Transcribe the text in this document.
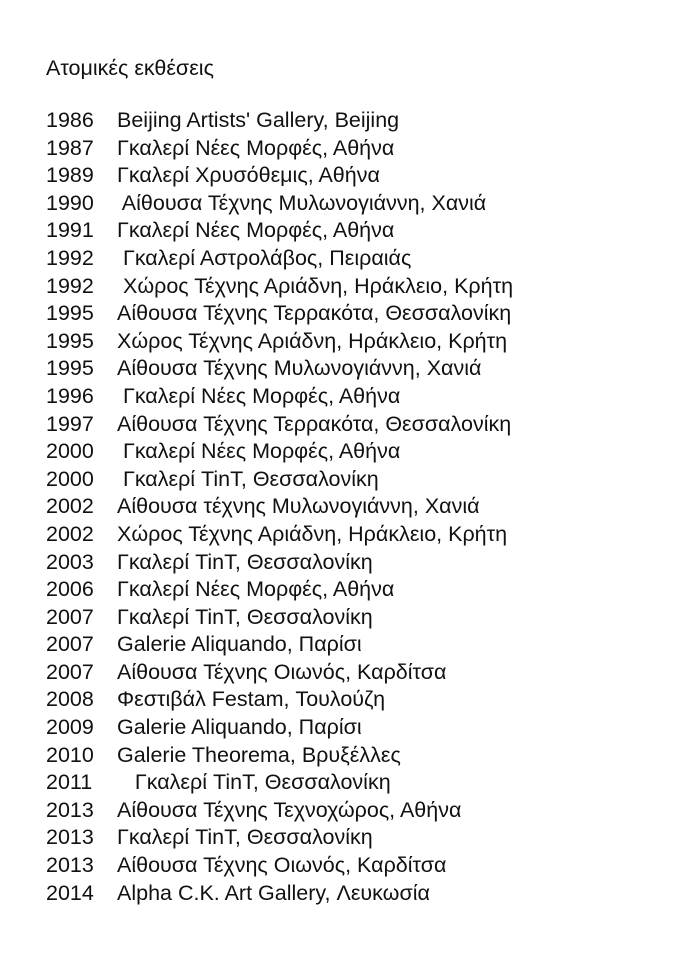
Ατομικές εκθέσεις
1986 Beijing Artists' Gallery, Beijing
1987 Γκαλερί Νέες Μορφές, Αθήνα
1989 Γκαλερί Χρυσόθεμις, Αθήνα
1990 Αίθουσα Τέχνης Μυλωνογιάννη, Χανιά
1991 Γκαλερί Νέες Μορφές, Αθήνα
1992 Γκαλερί Αστρολάβος, Πειραιάς
1992 Χώρος Τέχνης Αριάδνη, Ηράκλειο, Κρήτη
1995 Αίθουσα Τέχνης Τερρακότα, Θεσσαλονίκη
1995 Χώρος Τέχνης Αριάδνη, Ηράκλειο, Κρήτη
1995 Αίθουσα Τέχνης Μυλωνογιάννη, Χανιά
1996 Γκαλερί Νέες Μορφές, Αθήνα
1997 Αίθουσα Τέχνης Τερρακότα, Θεσσαλονίκη
2000 Γκαλερί Νέες Μορφές, Αθήνα
2000 Γκαλερί TinT, Θεσσαλονίκη
2002 Αίθουσα τέχνης Μυλωνογιάννη, Χανιά
2002 Χώρος Τέχνης Αριάδνη, Ηράκλειο, Κρήτη
2003 Γκαλερί TinT, Θεσσαλονίκη
2006 Γκαλερί Νέες Μορφές, Αθήνα
2007 Γκαλερί TinT, Θεσσαλονίκη
2007 Galerie Aliquando, Παρίσι
2007 Αίθουσα Τέχνης Οιωνός, Καρδίτσα
2008 Φεστιβάλ Festam, Τουλούζη
2009 Galerie Aliquando, Παρίσι
2010 Galerie Theorema, Βρυξέλλες
2011   Γκαλερί TinT, Θεσσαλονίκη
2013 Αίθουσα Τέχνης Τεχνοχώρος, Αθήνα
2013 Γκαλερί TinT, Θεσσαλονίκη
2013 Αίθουσα Τέχνης Οιωνός, Καρδίτσα
2014 Alpha C.K. Art Gallery, Λευκωσία
